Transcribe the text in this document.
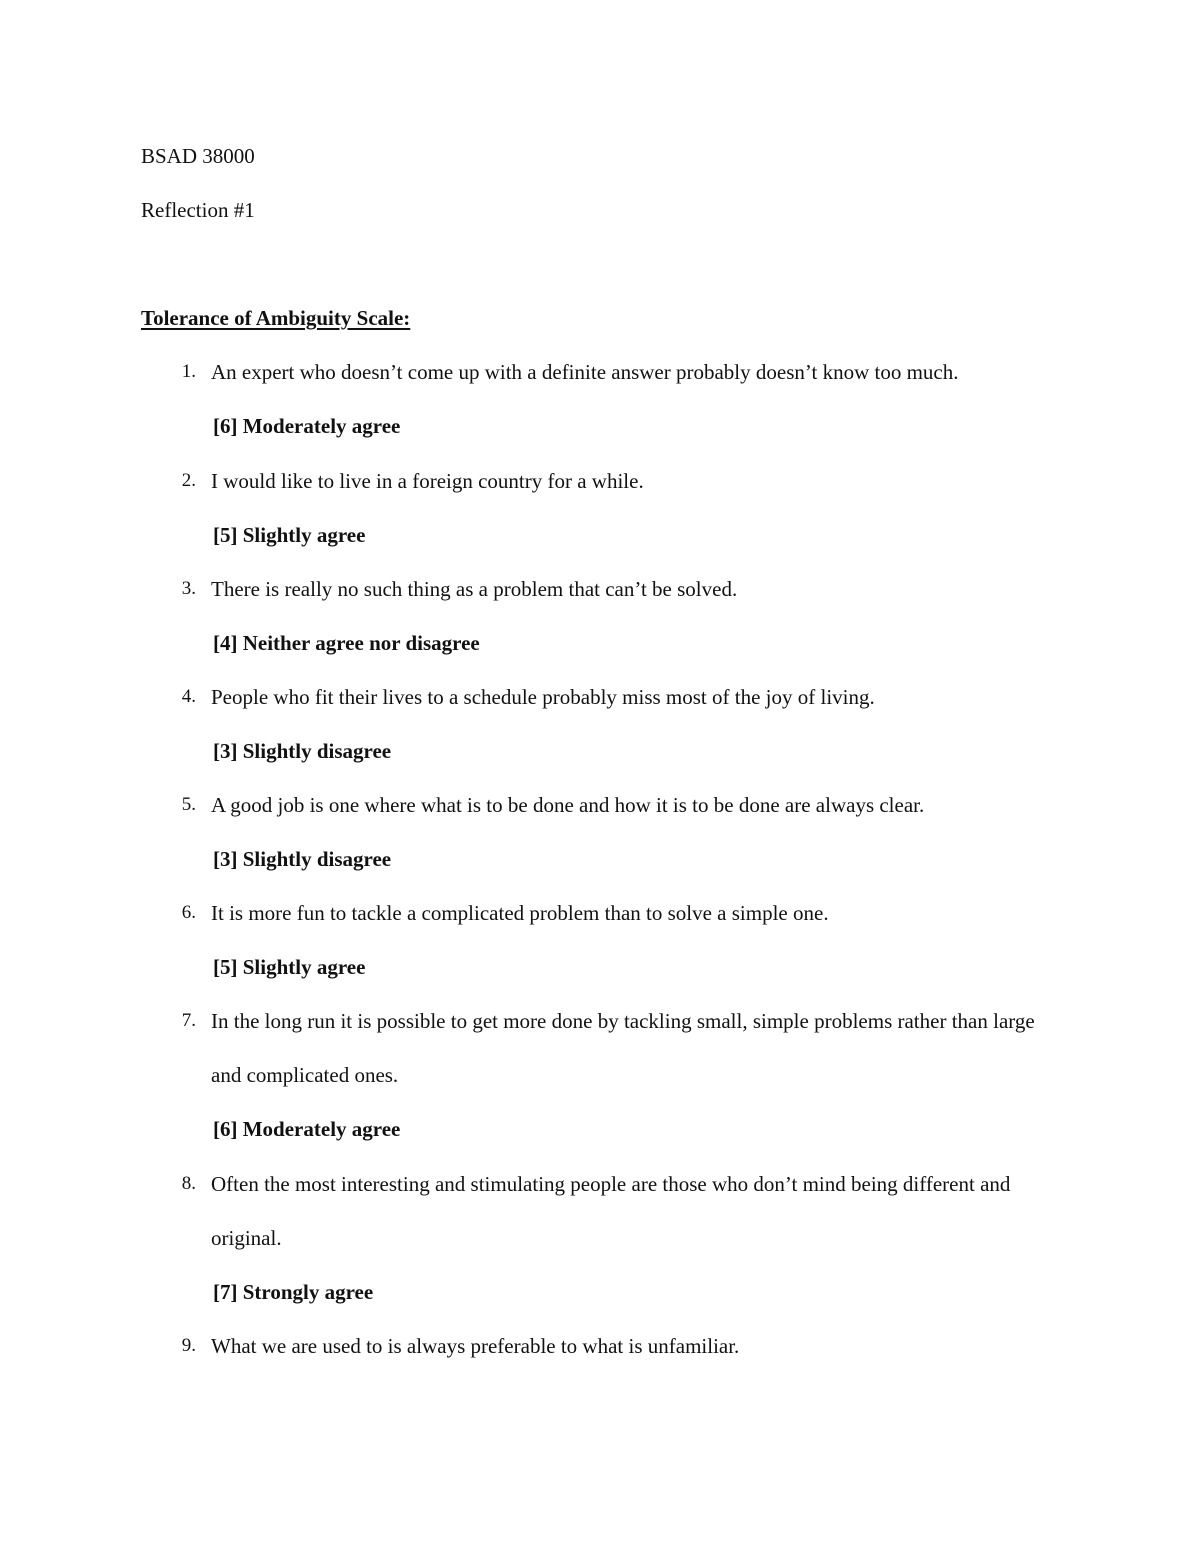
BSAD 38000
Reflection #1
Tolerance of Ambiguity Scale:
1. An expert who doesn’t come up with a definite answer probably doesn’t know too much.
[6] Moderately agree
2. I would like to live in a foreign country for a while.
[5] Slightly agree
3. There is really no such thing as a problem that can’t be solved.
[4] Neither agree nor disagree
4. People who fit their lives to a schedule probably miss most of the joy of living.
[3] Slightly disagree
5. A good job is one where what is to be done and how it is to be done are always clear.
[3] Slightly disagree
6. It is more fun to tackle a complicated problem than to solve a simple one.
[5] Slightly agree
7. In the long run it is possible to get more done by tackling small, simple problems rather than large and complicated ones.
[6] Moderately agree
8. Often the most interesting and stimulating people are those who don’t mind being different and original.
[7] Strongly agree
9. What we are used to is always preferable to what is unfamiliar.
